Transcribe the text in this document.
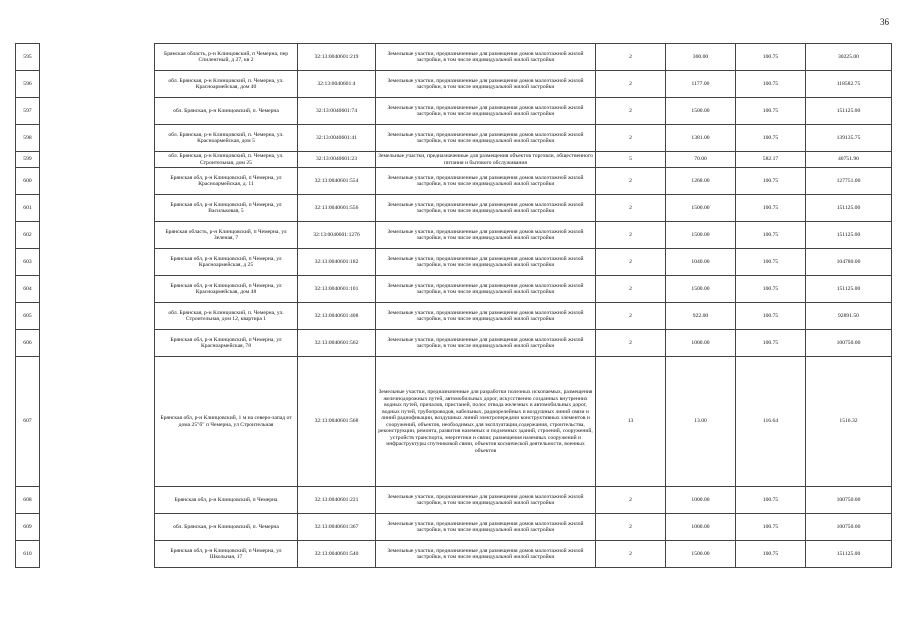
36
595		Брянская область, р-н Клинцовский, п Чемерна, пер Спиленгный, д 27, кв 2	32:13:0040601:219	Земельные участки, предназначенные для размещения домов малоэтажной жилой застройки, в том числе индивидуальной жилой застройки	2	300.00	100.75	30225.00
596		обл. Брянская, р-н Клинцовский, п. Чемерна, ул. Красноармейская, дом 40	32:13:0040601:4	Земельные участки, предназначенные для размещения домов малоэтажной жилой застройки, в том числе индивидуальной жилой застройки	2	1177.00	100.75	118582.75
597		обл. Брянская, р-н Клинцовский, п. Чемерна	32:13:0040601:74	Земельные участки, предназначенные для размещения домов малоэтажной жилой застройки, в том числе индивидуальной жилой застройки	2	1500.00	100.75	151125.00
598		обл. Брянская, р-н Клинцовский, п. Чемерна, ул. Красноармейская, дом 5	32:13:0040601:41	Земельные участки, предназначенные для размещения домов малоэтажной жилой застройки, в том числе индивидуальной жилой застройки	2	1381.00	100.75	139135.75
599		обл. Брянская, р-н Клинцовский, п. Чемерна, ул. Строительная, дом 25	32:13:0040601:23	Земельные участки, предназначенные для размещения объектов торговли, общественного питания и бытового обслуживания	5	70.00	582.17	40751.90
600		Брянская обл, р-н Клинцовский, п Чемерна, ул Красноармейская, д. 11	32:13:0040601:554	Земельные участки, предназначенные для размещения домов малоэтажной жилой застройки, в том числе индивидуальной жилой застройки	2	1268.00	100.75	127751.00
601		Брянская обл, р-н Клинцовский, п Чемерна, ул Васильковая, 5	32:13:0040601:556	Земельные участки, предназначенные для размещения домов малоэтажной жилой застройки, в том числе индивидуальной жилой застройки	2	1500.00	100.75	151125.00
602		Брянская область, р-н Клинцовский, п Чемерна, ул Зеленая, 7	32:13:0040601:1276	Земельные участки, предназначенные для размещения домов малоэтажной жилой застройки, в том числе индивидуальной жилой застройки	2	1500.00	100.75	151125.00
603		Брянская обл, р-н Клинцовский, п Чемерна, ул Красноармейская, д 25	32:13:0040601:182	Земельные участки, предназначенные для размещения домов малоэтажной жилой застройки, в том числе индивидуальной жилой застройки	2	1040.00	100.75	104780.00
604		Брянская обл, р-н Клинцовский, п Чемерна, ул Красноармейская, дом 48	32:13:0040601:101	Земельные участки, предназначенные для размещения домов малоэтажной жилой застройки, в том числе индивидуальной жилой застройки	2	1500.00	100.75	151125.00
605		обл. Брянская, р-н Клинцовский, п. Чемерна, ул. Строительная, дом 12, квартира 1	32:13:0040601:408	Земельные участки, предназначенные для размещения домов малоэтажной жилой застройки, в том числе индивидуальной жилой застройки	2	922.00	100.75	92891.50
606		Брянская обл, р-н Клинцовский, п Чемерна, ул Красноармейская, 78	32:13:0040601:562	Земельные участки, предназначенные для размещения домов малоэтажной жилой застройки, в том числе индивидуальной жилой застройки	2	1000.00	100.75	100750.00
607		Брянская обл, р-н Клинцовский, 1 м на северо-запад от дома 25"б" п Чемерна, ул Строительная	32:13:0040601:568	Земельные участки, предназначенные для разработки полезных ископаемых, размещения железнодорожных путей, автомобильных дорог, искусственно созданных внутренних водных путей, причалов, пристаней, полос отвода железных и автомобильных дорог, водных путей, трубопроводов, кабельных, радиорелейных и воздушных линий связи и линий радиофикации, воздушных линий электропередачи конструктивных элементов и сооружений, объектов, необходимых для эксплуатации,содержания, строительства, реконструкции, ремонта, развития наземных и подземных зданий, строений, сооружений, устройств транспорта, энергетики и связи; размещения наземных сооружений и инфраструктуры спутниковой связи, объектов космической деятельности, военных объектов	13	13.00	116.64	1516.32
608		Брянская обл, р-н Клинцовский, п Чемерна	32:13:0040601:221	Земельные участки, предназначенные для размещения домов малоэтажной жилой застройки, в том числе индивидуальной жилой застройки	2	1000.00	100.75	100750.00
609		обл. Брянская, р-н Клинцовский, п. Чемерна	32:13:0040601:367	Земельные участки, предназначенные для размещения домов малоэтажной жилой застройки, в том числе индивидуальной жилой застройки	2	1000.00	100.75	100750.00
610		Брянская обл, р-н Клинцовский, п Чемерна, ул Школьная, 17	32:13:0040601:540	Земельные участки, предназначенные для размещения домов малоэтажной жилой застройки, в том числе индивидуальной жилой застройки	2	1500.00	100.75	151125.00
